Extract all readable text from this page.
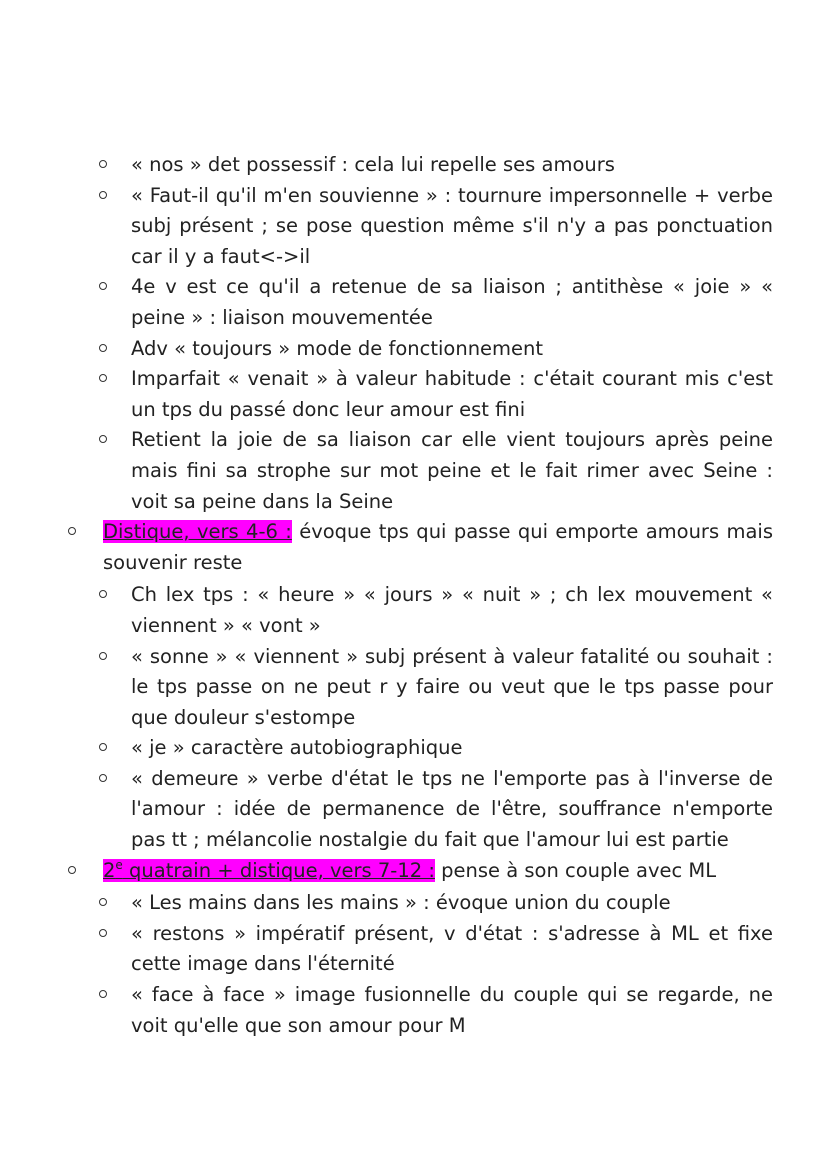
« nos » det possessif : cela lui repelle ses amours
« Faut-il qu'il m'en souvienne » : tournure impersonnelle + verbe subj présent ; se pose question même s'il n'y a pas ponctuation car il y a faut<->il
4e v est ce qu'il a retenue de sa liaison ; antithèse « joie » « peine » : liaison mouvementée
Adv « toujours » mode de fonctionnement
Imparfait « venait » à valeur habitude : c'était courant mis c'est un tps du passé donc leur amour est fini
Retient la joie de sa liaison car elle vient toujours après peine mais fini sa strophe sur mot peine et le fait rimer avec Seine : voit sa peine dans la Seine
Distique, vers 4-6 : évoque tps qui passe qui emporte amours mais souvenir reste
Ch lex tps : « heure » « jours » « nuit » ; ch lex mouvement « viennent » « vont »
« sonne » « viennent » subj présent à valeur fatalité ou souhait : le tps passe on ne peut r y faire ou veut que le tps passe pour que douleur s'estompe
« je » caractère autobiographique
« demeure » verbe d'état le tps ne l'emporte pas à l'inverse de l'amour : idée de permanence de l'être, souffrance n'emporte pas tt ; mélancolie nostalgie du fait que l'amour lui est partie
2e quatrain + distique, vers 7-12 : pense à son couple avec ML
« Les mains dans les mains » : évoque union du couple
« restons » impératif présent, v d'état : s'adresse à ML et fixe cette image dans l'éternité
« face à face » image fusionnelle du couple qui se regarde, ne voit qu'elle que son amour pour M
